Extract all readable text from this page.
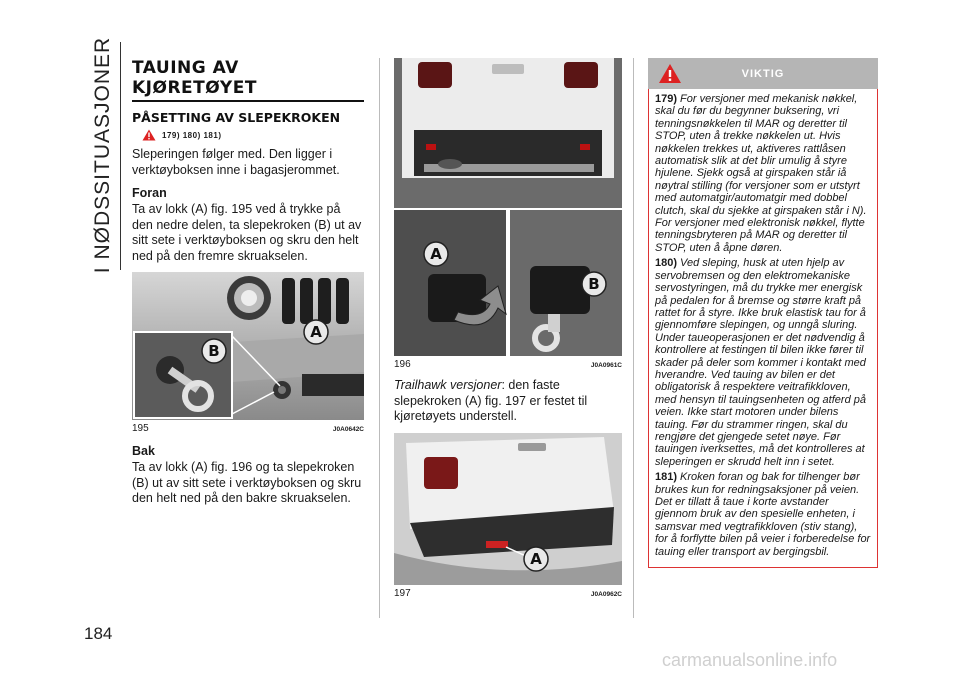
I NØDSSITUASJONER
184
TAUING AV KJØRETØYET
PÅSETTING AV SLEPEKROKEN
179) 180) 181)

Sleperingen følger med. Den ligger i verktøyboksen inne i bagasjerommet.

Foran

Ta av lokk (A) fig. 195 ved å trykke på den nedre delen, ta slepekroken (B) ut av sitt sete i verktøyboksen og skru den helt ned på den fremre skruakselen.

B
A
195	J0A0642C
Bak

Ta av lokk (A) fig. 196 og ta slepekroken (B) ut av sitt sete i verktøyboksen og skru den helt ned på den bakre skruakselen.

A
B
196	J0A0961C

Trailhawk versjoner: den faste slepekroken (A) fig. 197 er festet til kjøretøyets understell.

A
197	J0A0962C
VIKTIG

179) For versjoner med mekanisk nøkkel, skal du før du begynner buksering, vri tenningsnøkkelen til MAR og deretter til STOP, uten å trekke nøkkelen ut. Hvis nøkkelen trekkes ut, aktiveres rattlåsen automatisk slik at det blir umulig å styre hjulene. Sjekk også at girspaken står iå nøytral stilling (for versjoner som er utstyrt med automatgir/automatgir med dobbel clutch, skal du sjekke at girspaken står i N). For versjoner med elektronisk nøkkel, flytte tenningsbryteren på MAR og deretter til STOP, uten å åpne døren.

180) Ved sleping, husk at uten hjelp av servobremsen og den elektromekaniske servostyringen, må du trykke mer energisk på pedalen for å bremse og større kraft på rattet for å styre. Ikke bruk elastisk tau for å gjennomføre slepingen, og unngå sluring. Under taueoperasjonen er det nødvendig å kontrollere at festingen til bilen ikke fører til skader på deler som kommer i kontakt med hverandre. Ved tauing av bilen er det obligatorisk å respektere veitrafikkloven, med hensyn til tauingsenheten og atferd på veien. Ikke start motoren under bilens tauing. Før du strammer ringen, skal du rengjøre det gjengede setet nøye. Før tauingen iverksettes, må det kontrolleres at sleperingen er skrudd helt inn i setet.

181) Kroken foran og bak for tilhenger bør brukes kun for redningsaksjoner på veien. Det er tillatt å taue i korte avstander gjennom bruk av den spesielle enheten, i samsvar med vegtrafikkloven (stiv stang), for å forflytte bilen på veier i forberedelse for tauing eller transport av bergingsbil.

carmanualsonline.info
